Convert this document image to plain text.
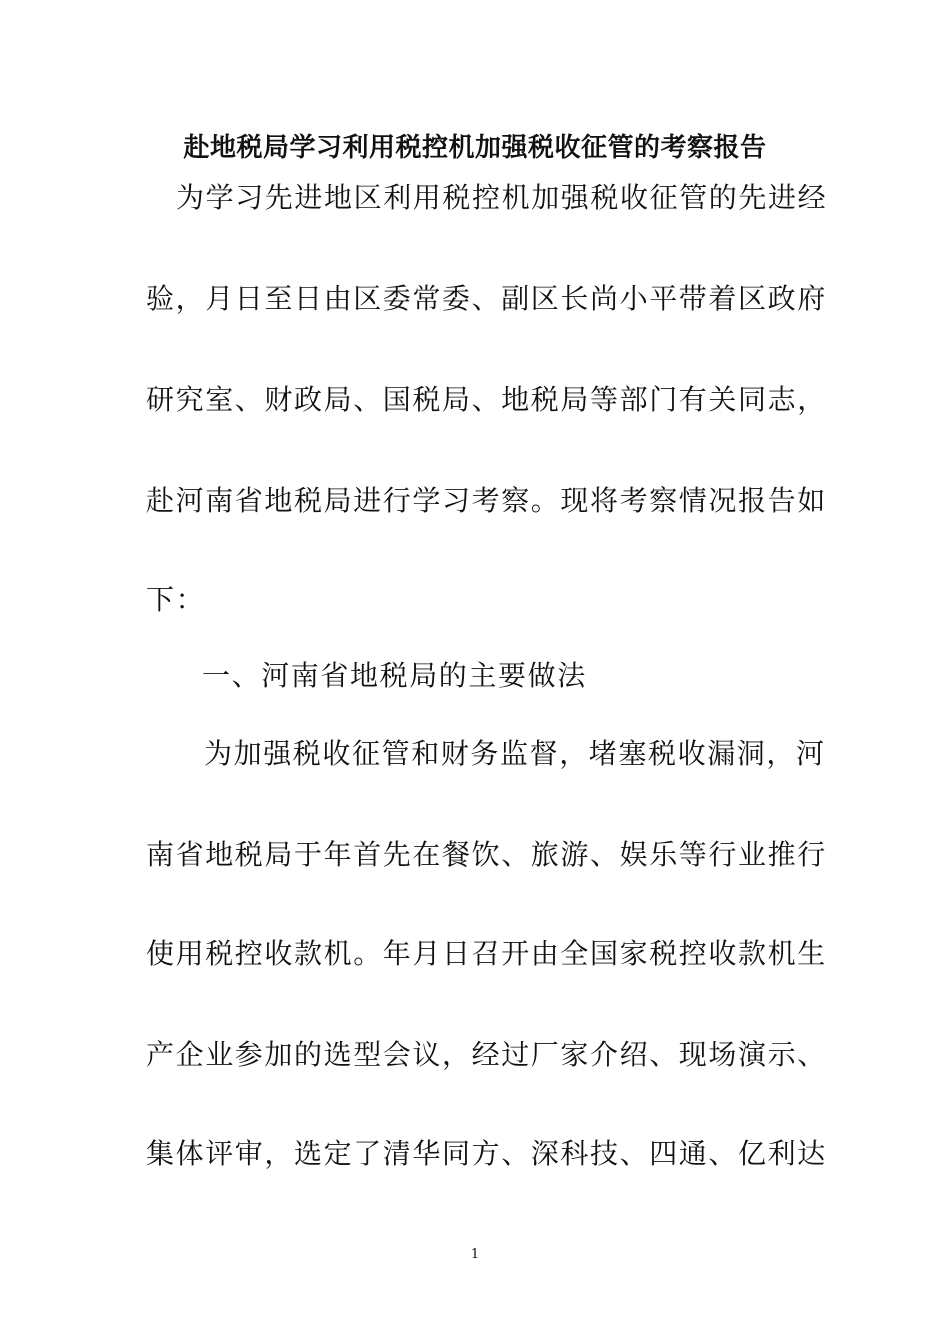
赴地税局学习利用税控机加强税收征管的考察报告
为学习先进地区利用税控机加强税收征管的先进经
验，月日至日由区委常委、副区长尚小平带着区政府
研究室、财政局、国税局、地税局等部门有关同志，
赴河南省地税局进行学习考察。现将考察情况报告如
下：
一、河南省地税局的主要做法
为加强税收征管和财务监督，堵塞税收漏洞，河
南省地税局于年首先在餐饮、旅游、娱乐等行业推行
使用税控收款机。年月日召开由全国家税控收款机生
产企业参加的选型会议，经过厂家介绍、现场演示、
集体评审，选定了清华同方、深科技、四通、亿利达
1
